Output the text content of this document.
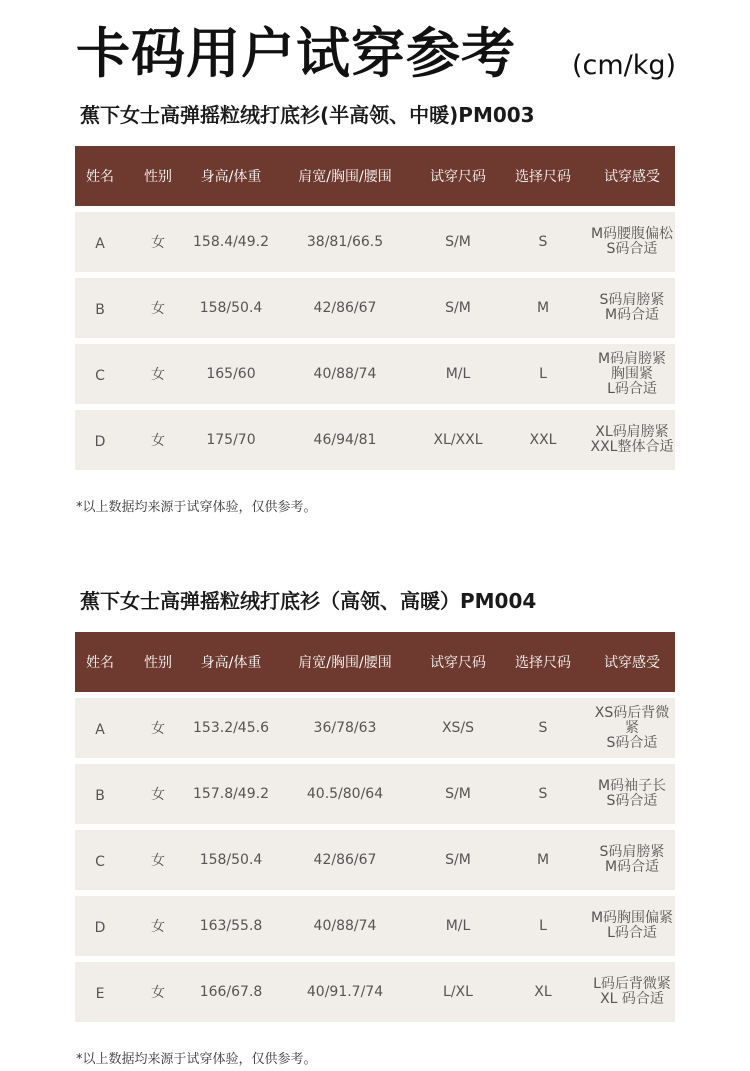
卡码用户试穿参考 (cm/kg)
蕉下女士高弹摇粒绒打底衫(半高领、中暖)PM003
姓名	性别	身高/体重	肩宽/胸围/腰围	试穿尺码	选择尺码	试穿感受
A	女	158.4/49.2	38/81/66.5	S/M	S	M码腰腹偏松
S码合适
B	女	158/50.4	42/86/67	S/M	M	S码肩膀紧
M码合适
C	女	165/60	40/88/74	M/L	L
M码肩膀紧
胸围紧
L码合适
D	女	175/70	46/94/81	XL/XXL	XXL	XL码肩膀紧
XXL整体合适
*以上数据均来源于试穿体验，仅供参考。
蕉下女士高弹摇粒绒打底衫（高领、高暖）PM004
姓名	性别	身高/体重	肩宽/胸围/腰围	试穿尺码	选择尺码	试穿感受
A	女	153.2/45.6	36/78/63	XS/S	S
XS码后背微紧
S码合适
B	女	157.8/49.2	40.5/80/64	S/M	S	M码袖子长
S码合适
C	女	158/50.4	42/86/67	S/M	M	S码肩膀紧
M码合适
D	女	163/55.8	40/88/74	M/L	L	M码胸围偏紧
L码合适
E	女	166/67.8	40/91.7/74	L/XL	XL	L码后背微紧
XL 码合适
*以上数据均来源于试穿体验，仅供参考。
